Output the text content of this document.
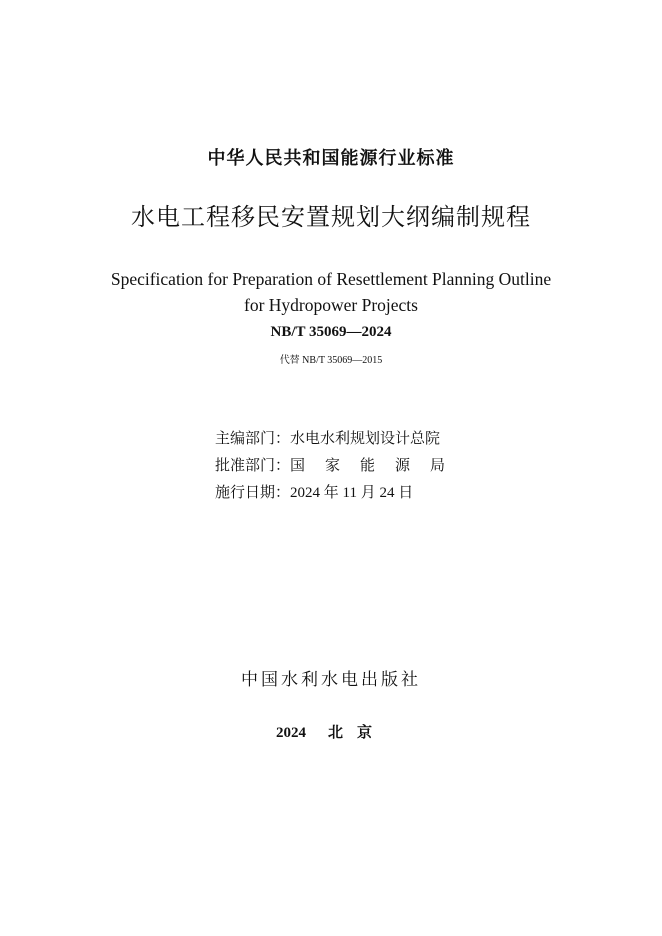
中华人民共和国能源行业标准
水电工程移民安置规划大纲编制规程
Specification for Preparation of Resettlement Planning Outline
for Hydropower Projects
NB/T 35069—2024
代替 NB/T 35069—2015
主编部门：水电水利规划设计总院
批准部门：国家能源局
施行日期：2024 年 11 月 24 日
中国水利水电出版社
2024 北京
